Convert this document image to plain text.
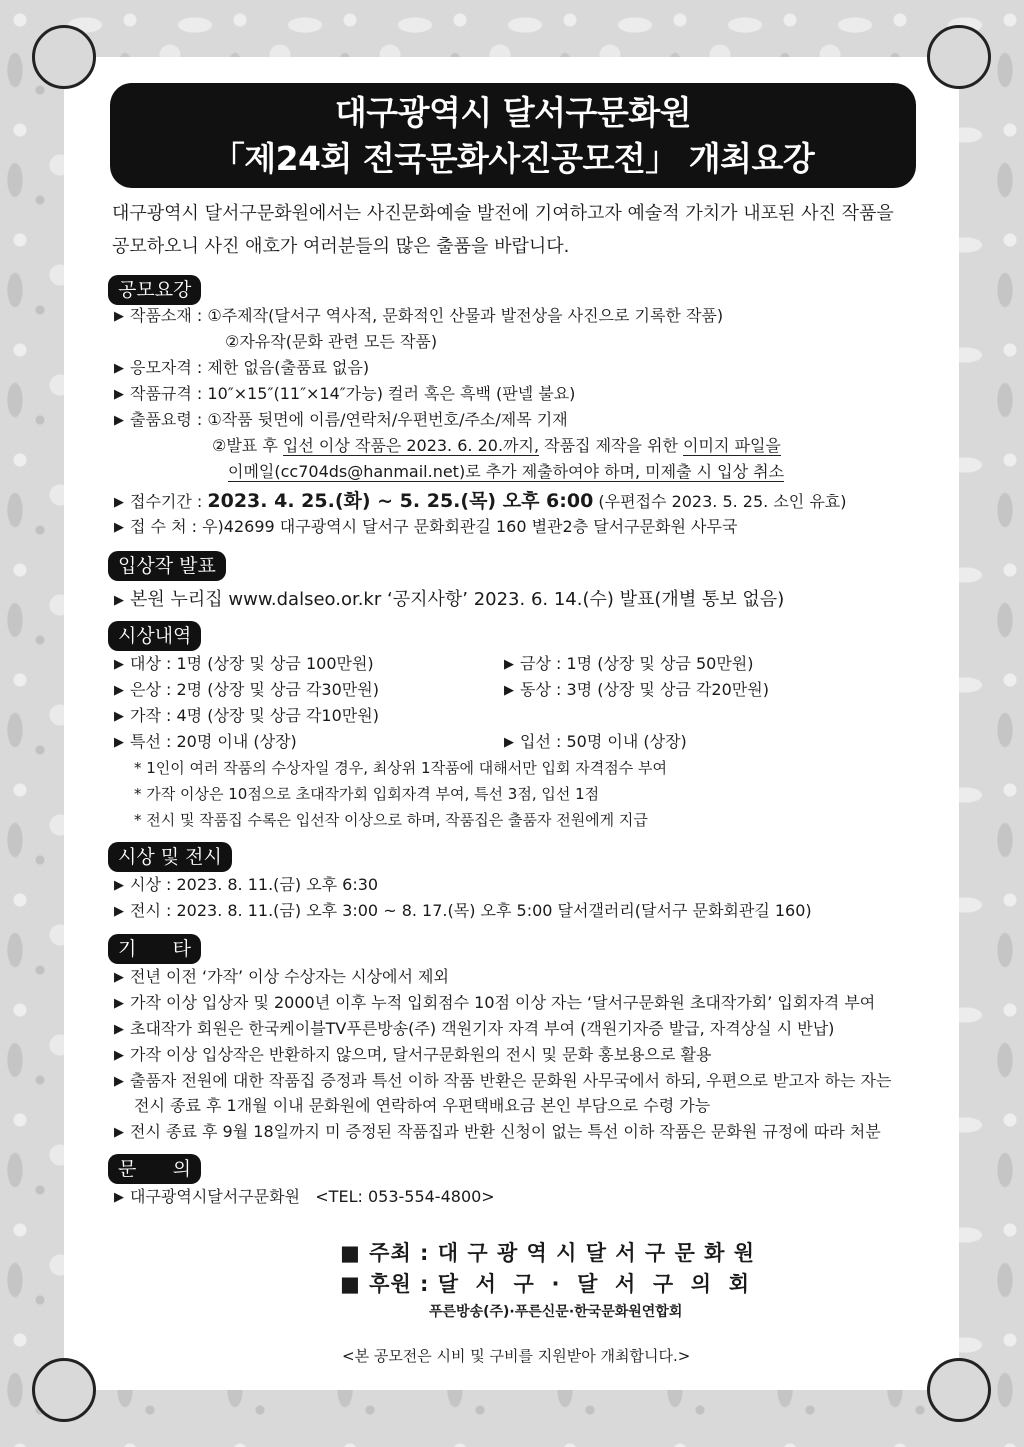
대구광역시 달서구문화원
「제24회 전국문화사진공모전」 개최요강
대구광역시 달서구문화원에서는 사진문화예술 발전에 기여하고자 예술적 가치가 내포된 사진 작품을
공모하오니 사진 애호가 여러분들의 많은 출품을 바랍니다.
공모요강
▶ 작품소재 : ①주제작(달서구 역사적, 문화적인 산물과 발전상을 사진으로 기록한 작품)
②자유작(문화 관련 모든 작품)
▶ 응모자격 : 제한 없음(출품료 없음)
▶ 작품규격 : 10″×15″(11″×14″가능) 컬러 혹은 흑백 (판넬 불요)
▶ 출품요령 : ①작품 뒷면에 이름/연락처/우편번호/주소/제목 기재
②발표 후 입선 이상 작품은 2023. 6. 20.까지, 작품집 제작을 위한 이미지 파일을
이메일(cc704ds@hanmail.net)로 추가 제출하여야 하며, 미제출 시 입상 취소
▶ 접수기간 : 2023. 4. 25.(화) ~ 5. 25.(목) 오후 6:00 (우편접수 2023. 5. 25. 소인 유효)
▶ 접 수 처 : 우)42699 대구광역시 달서구 문화회관길 160 별관2층 달서구문화원 사무국
입상작 발표
▶ 본원 누리집 www.dalseo.or.kr ‘공지사항’ 2023. 6. 14.(수) 발표(개별 통보 없음)
시상내역
▶ 대상 : 1명 (상장 및 상금 100만원)	▶ 금상 : 1명 (상장 및 상금 50만원)
▶ 은상 : 2명 (상장 및 상금 각30만원)	▶ 동상 : 3명 (상장 및 상금 각20만원)
▶ 가작 : 4명 (상장 및 상금 각10만원)
▶ 특선 : 20명 이내 (상장)	▶ 입선 : 50명 이내 (상장)
* 1인이 여러 작품의 수상자일 경우, 최상위 1작품에 대해서만 입회 자격점수 부여
* 가작 이상은 10점으로 초대작가회 입회자격 부여, 특선 3점, 입선 1점
* 전시 및 작품집 수록은 입선작 이상으로 하며, 작품집은 출품자 전원에게 지급
시상 및 전시
▶ 시상 : 2023. 8. 11.(금) 오후 6:30
▶ 전시 : 2023. 8. 11.(금) 오후 3:00 ~ 8. 17.(목) 오후 5:00 달서갤러리(달서구 문화회관길 160)
기      타
▶ 전년 이전 ‘가작’ 이상 수상자는 시상에서 제외
▶ 가작 이상 입상자 및 2000년 이후 누적 입회점수 10점 이상 자는 ‘달서구문화원 초대작가회’ 입회자격 부여
▶ 초대작가 회원은 한국케이블TV푸른방송(주) 객원기자 자격 부여 (객원기자증 발급, 자격상실 시 반납)
▶ 가작 이상 입상작은 반환하지 않으며, 달서구문화원의 전시 및 문화 홍보용으로 활용
▶ 출품자 전원에 대한 작품집 증정과 특선 이하 작품 반환은 문화원 사무국에서 하되, 우편으로 받고자 하는 자는
전시 종료 후 1개월 이내 문화원에 연락하여 우편택배요금 본인 부담으로 수령 가능
▶ 전시 종료 후 9월 18일까지 미 증정된 작품집과 반환 신청이 없는 특선 이하 작품은 문화원 규정에 따라 처분
문      의
▶ 대구광역시달서구문화원   <TEL: 053-554-4800>
■ 주최 : 대 구 광 역 시 달 서 구 문 화 원
■ 후원 : 달  서  구  ·  달  서  구  의  회
푸른방송(주)·푸른신문·한국문화원연합회
<본 공모전은 시비 및 구비를 지원받아 개최합니다.>
